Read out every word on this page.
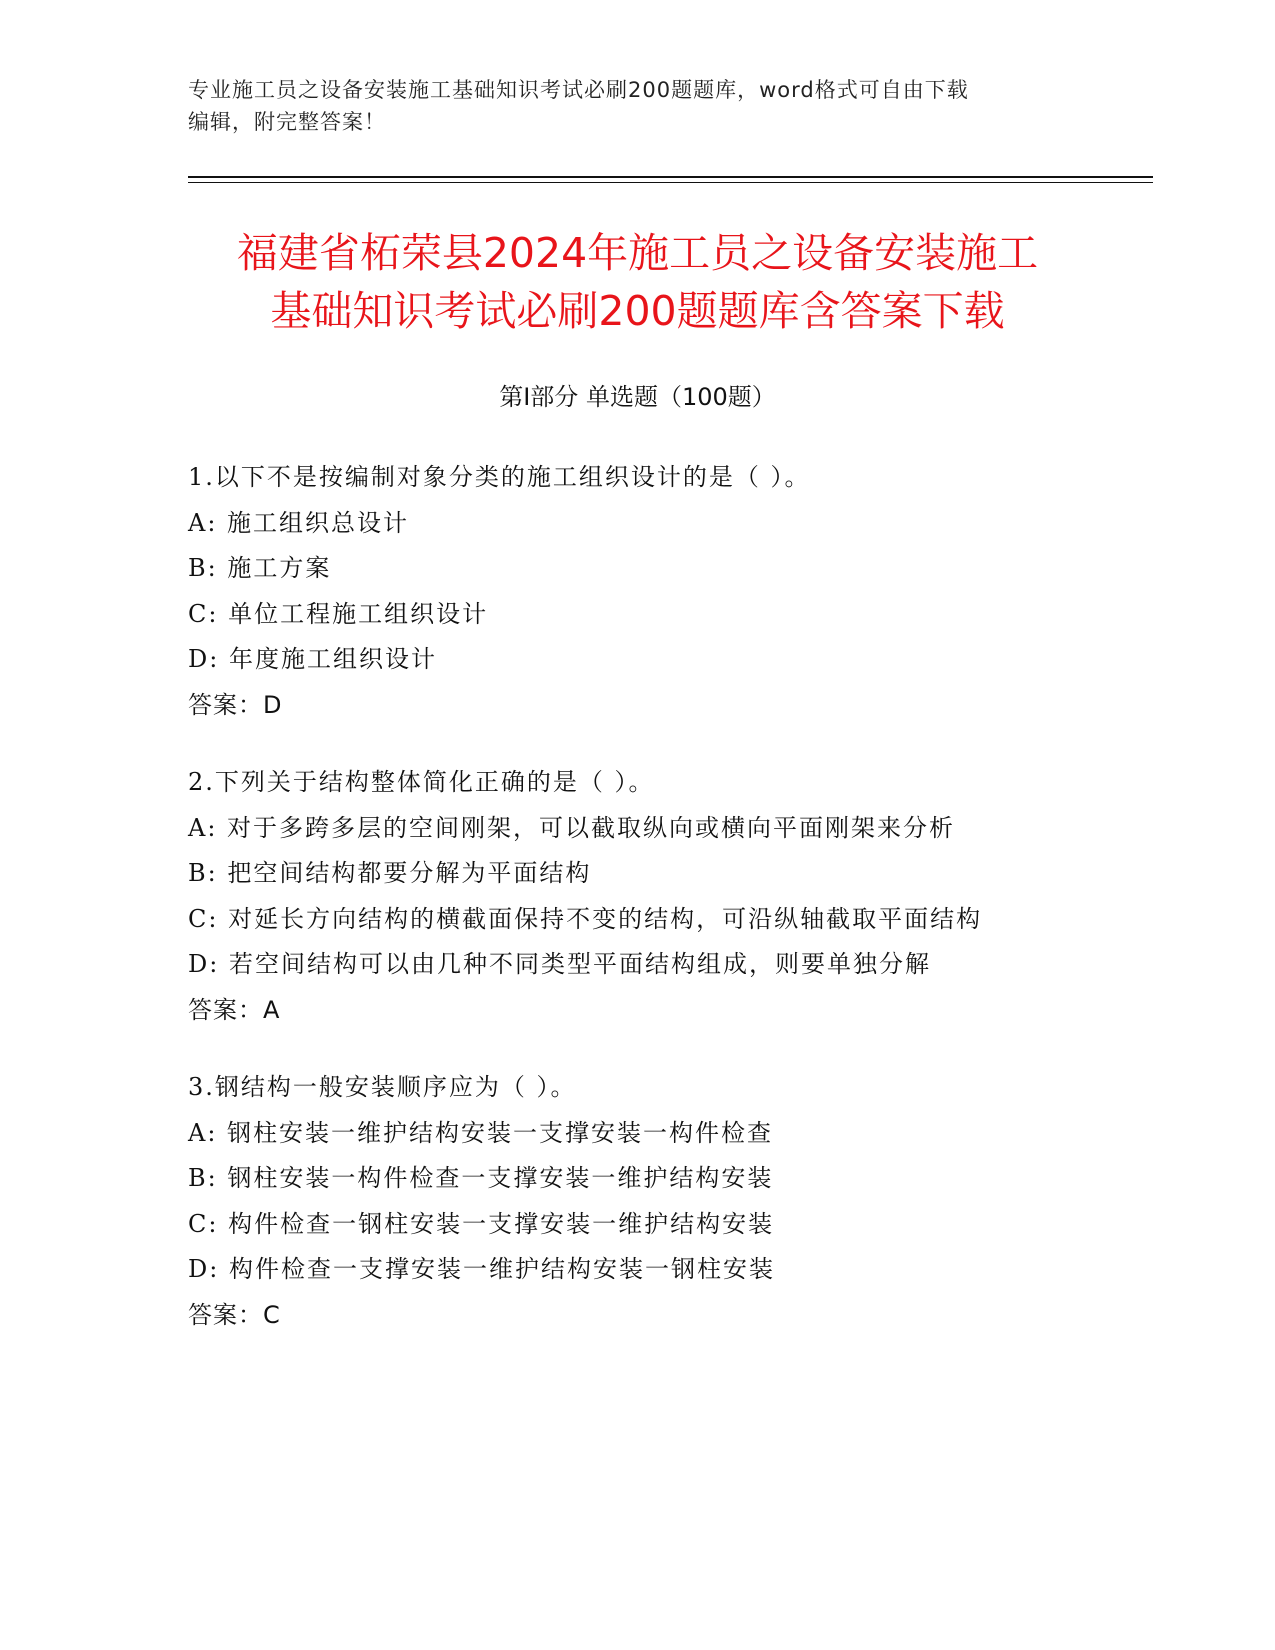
专业施工员之设备安装施工基础知识考试必刷200题题库，word格式可自由下载
编辑，附完整答案！
福建省柘荣县2024年施工员之设备安装施工
基础知识考试必刷200题题库含答案下载
第Ⅰ部分 单选题（100题）
1.以下不是按编制对象分类的施工组织设计的是（ ）。
A: 施工组织总设计
B: 施工方案
C: 单位工程施工组织设计
D: 年度施工组织设计
答案：D
2.下列关于结构整体简化正确的是（ ）。
A: 对于多跨多层的空间刚架，可以截取纵向或横向平面刚架来分析
B: 把空间结构都要分解为平面结构
C: 对延长方向结构的横截面保持不变的结构，可沿纵轴截取平面结构
D: 若空间结构可以由几种不同类型平面结构组成，则要单独分解
答案：A
3.钢结构一般安装顺序应为（ ）。
A: 钢柱安装一维护结构安装一支撑安装一构件检查
B: 钢柱安装一构件检查一支撑安装一维护结构安装
C: 构件检查一钢柱安装一支撑安装一维护结构安装
D: 构件检查一支撑安装一维护结构安装一钢柱安装
答案：C
